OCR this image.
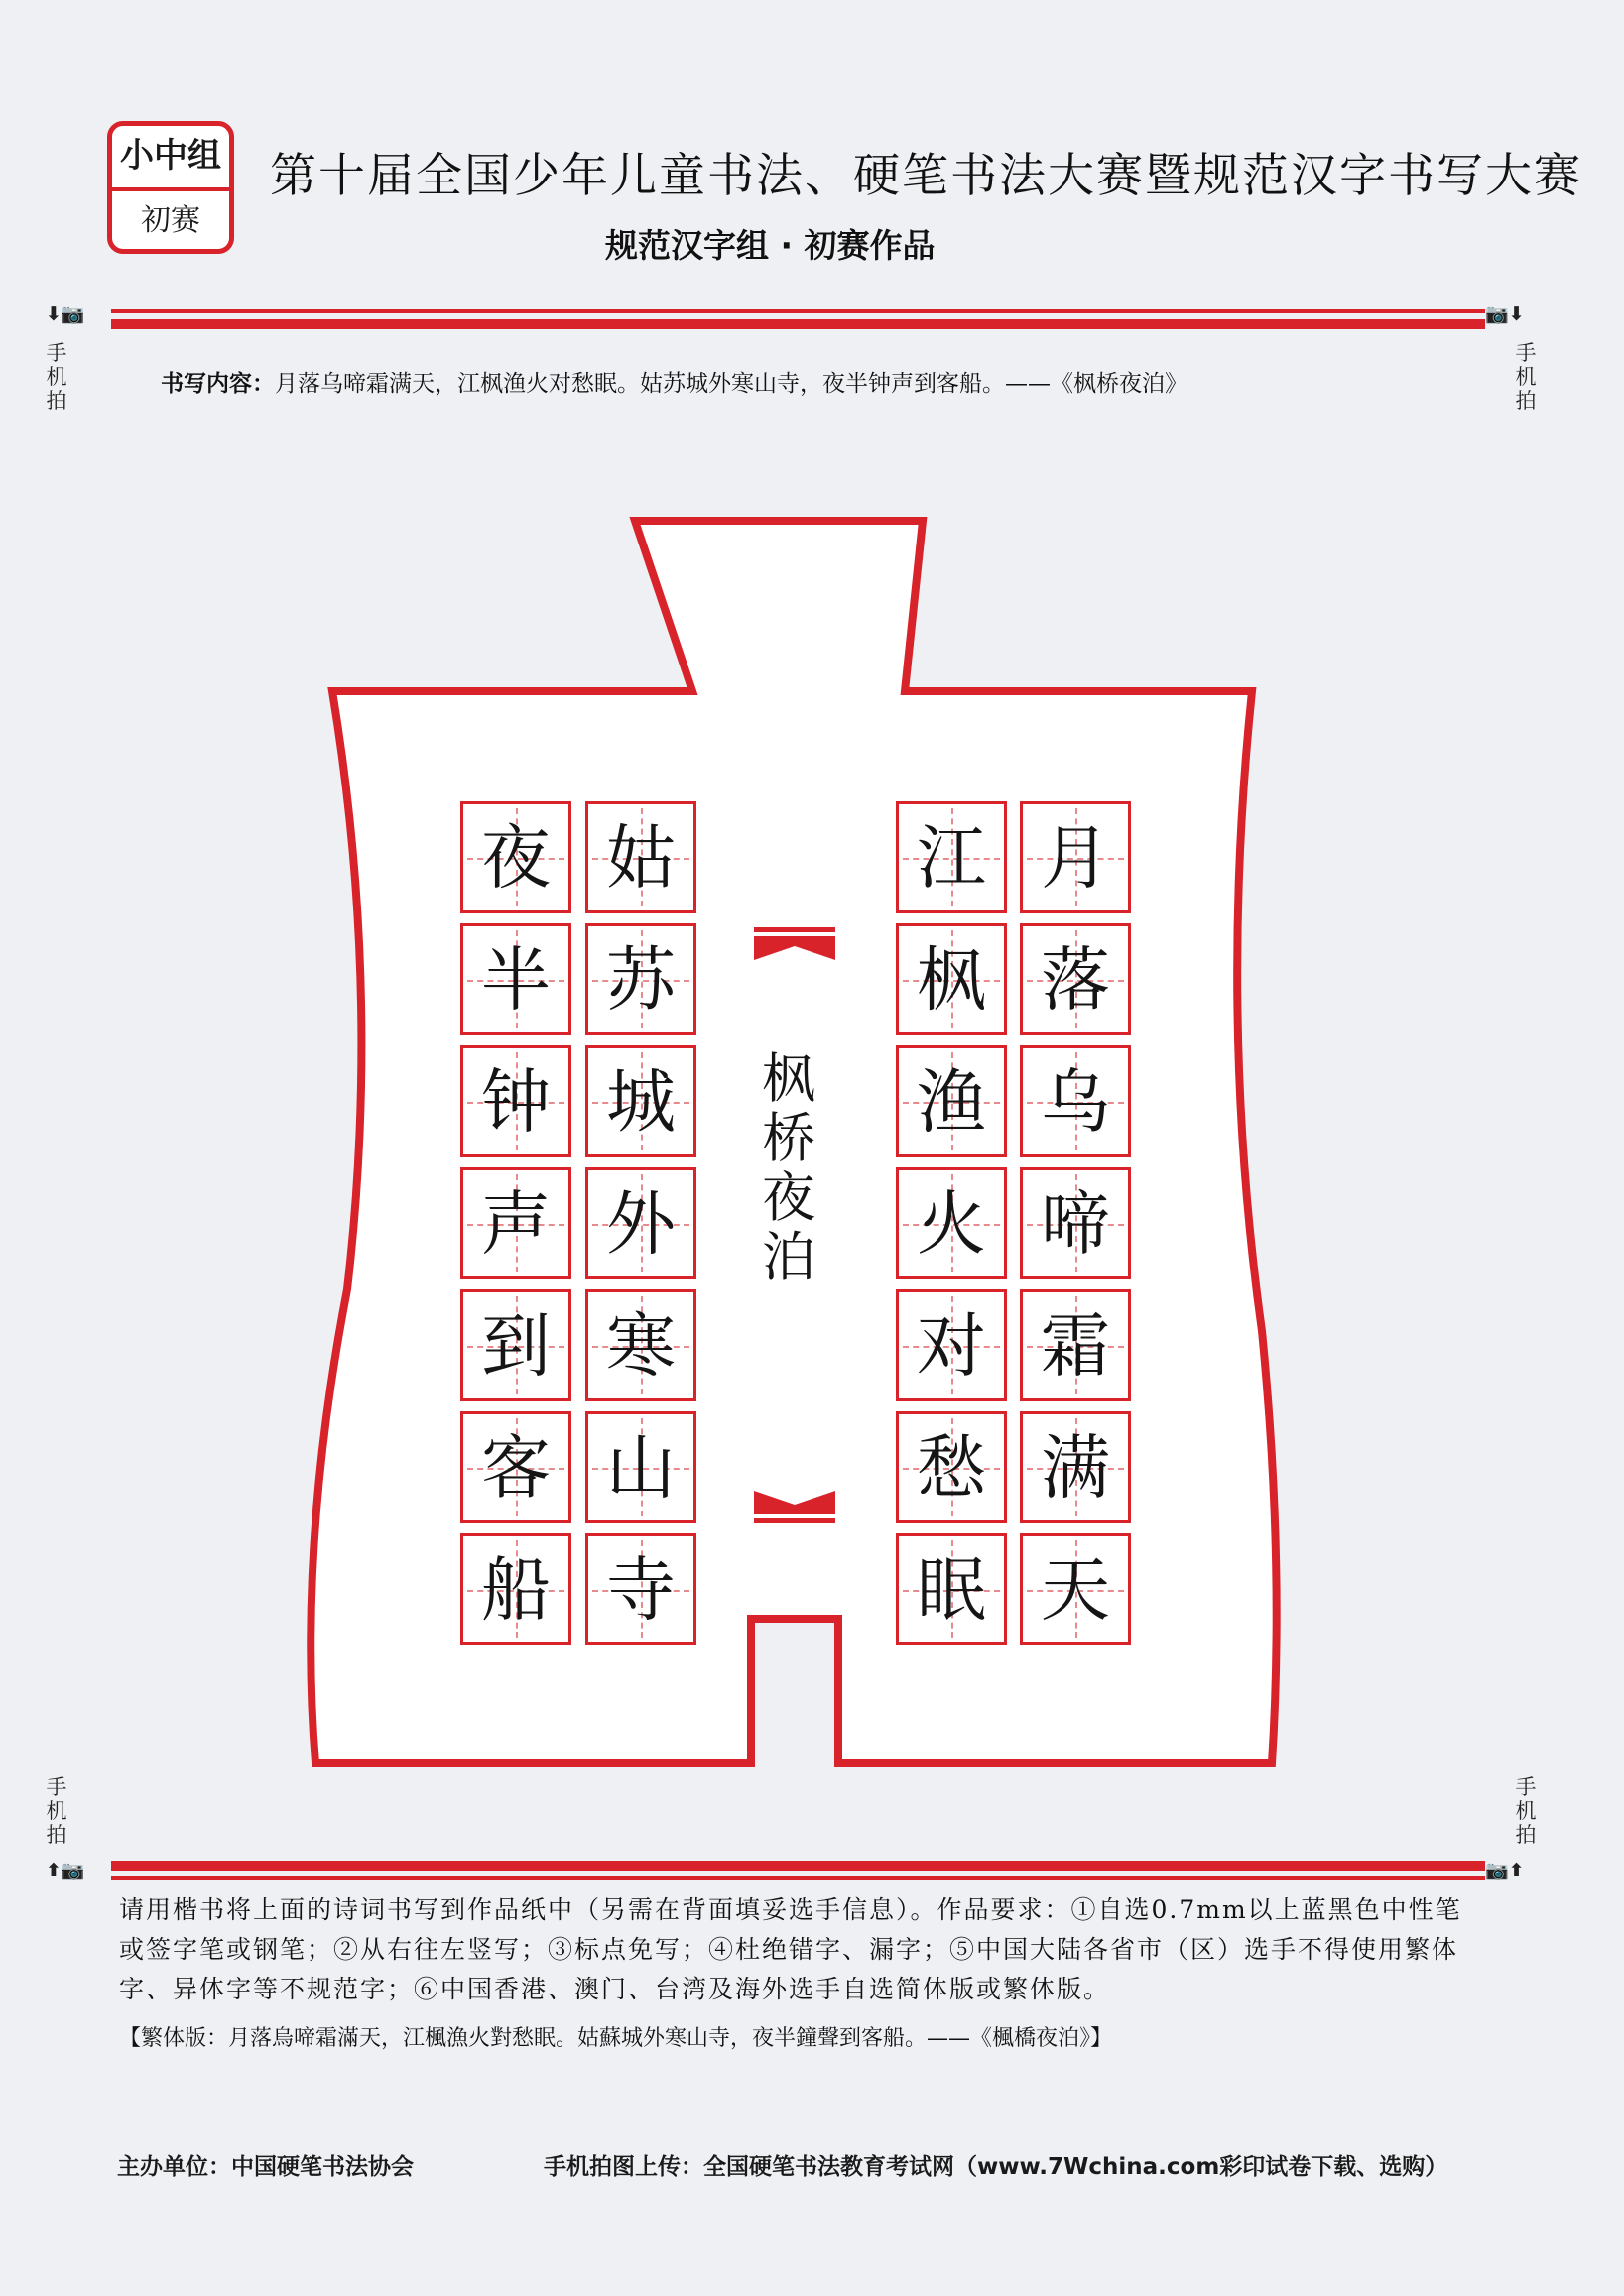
小中组
初赛
第十届全国少年儿童书法、硬笔书法大赛暨规范汉字书写大赛
规范汉字组 · 初赛作品
⬇📷	📷⬇
⬆📷	📷⬆
手
机
拍
手
机
拍
手
机
拍
手
机
拍
书写内容：月落乌啼霜满天，江枫渔火对愁眠。姑苏城外寒山寺，夜半钟声到客船。——《枫桥夜泊》
月
落
乌
啼
霜
满
天
江
枫
渔
火
对
愁
眠
姑
苏
城
外
寒
山
寺
夜
半
钟
声
到
客
船
枫
桥
夜
泊
请用楷书将上面的诗词书写到作品纸中（另需在背面填妥选手信息）。作品要求：①自选0.7mm以上蓝黑色中性笔或签字笔或钢笔；②从右往左竖写；③标点免写；④杜绝错字、漏字；⑤中国大陆各省市（区）选手不得使用繁体字、异体字等不规范字；⑥中国香港、澳门、台湾及海外选手自选简体版或繁体版。
【繁体版：月落烏啼霜滿天，江楓漁火對愁眠。姑蘇城外寒山寺，夜半鐘聲到客船。——《楓橋夜泊》】
主办单位：中国硬笔书法协会	手机拍图上传：全国硬笔书法教育考试网（www.7Wchina.com彩印试卷下载、选购）
